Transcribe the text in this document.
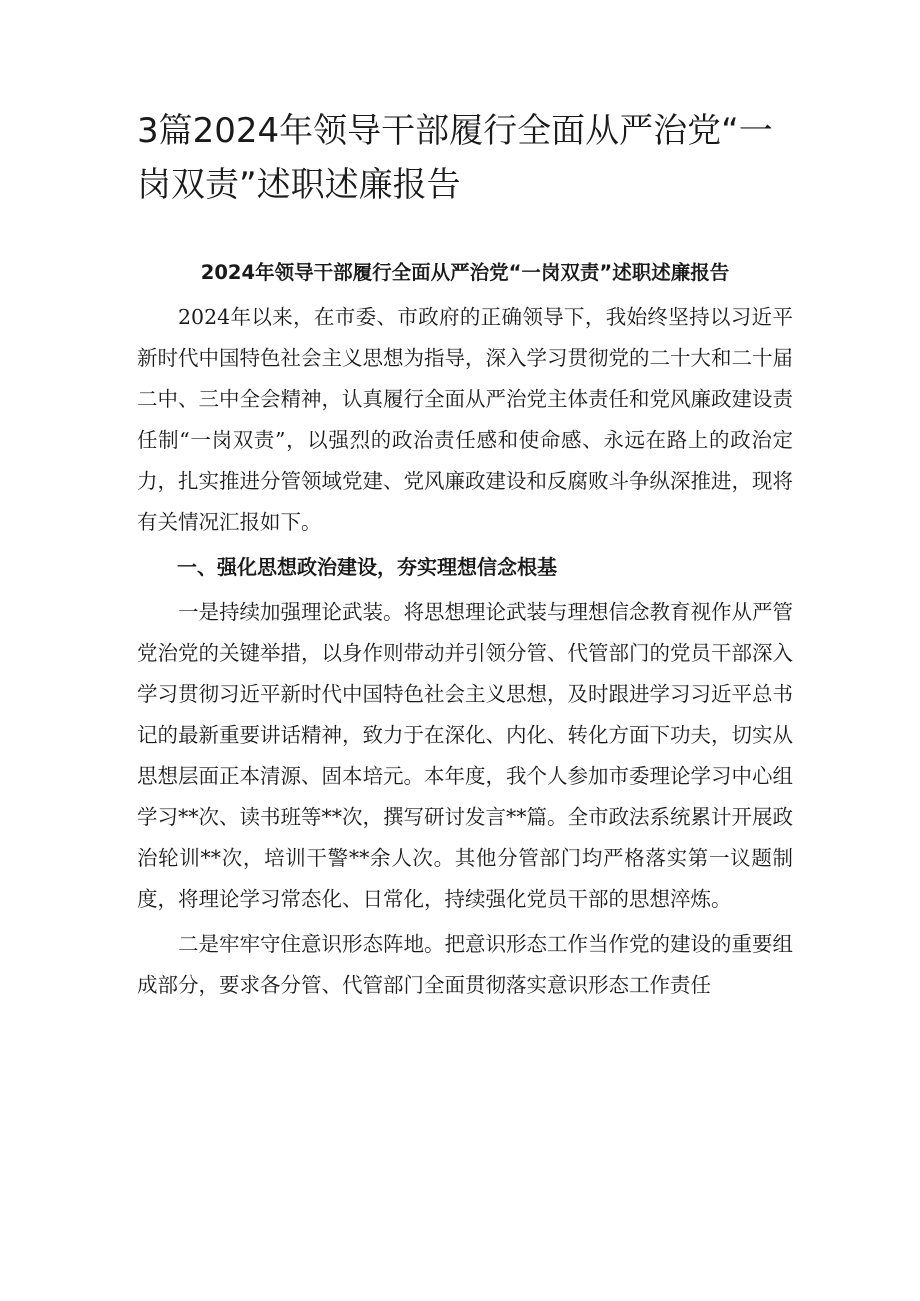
3篇2024年领导干部履行全面从严治党“一岗双责”述职述廉报告

2024年领导干部履行全面从严治党“一岗双责”述职述廉报告

2024年以来，在市委、市政府的正确领导下，我始终坚持以习近平新时代中国特色社会主义思想为指导，深入学习贯彻党的二十大和二十届二中、三中全会精神，认真履行全面从严治党主体责任和党风廉政建设责任制“一岗双责”，以强烈的政治责任感和使命感、永远在路上的政治定力，扎实推进分管领域党建、党风廉政建设和反腐败斗争纵深推进，现将有关情况汇报如下。

一、强化思想政治建设，夯实理想信念根基

一是持续加强理论武装。将思想理论武装与理想信念教育视作从严管党治党的关键举措，以身作则带动并引领分管、代管部门的党员干部深入学习贯彻习近平新时代中国特色社会主义思想，及时跟进学习习近平总书记的最新重要讲话精神，致力于在深化、内化、转化方面下功夫，切实从思想层面正本清源、固本培元。本年度，我个人参加市委理论学习中心组学习**次、读书班等**次，撰写研讨发言**篇。全市政法系统累计开展政治轮训**次，培训干警**余人次。其他分管部门均严格落实第一议题制度，将理论学习常态化、日常化，持续强化党员干部的思想淬炼。

二是牢牢守住意识形态阵地。把意识形态工作当作党的建设的重要组成部分，要求各分管、代管部门全面贯彻落实意识形态工作责任
